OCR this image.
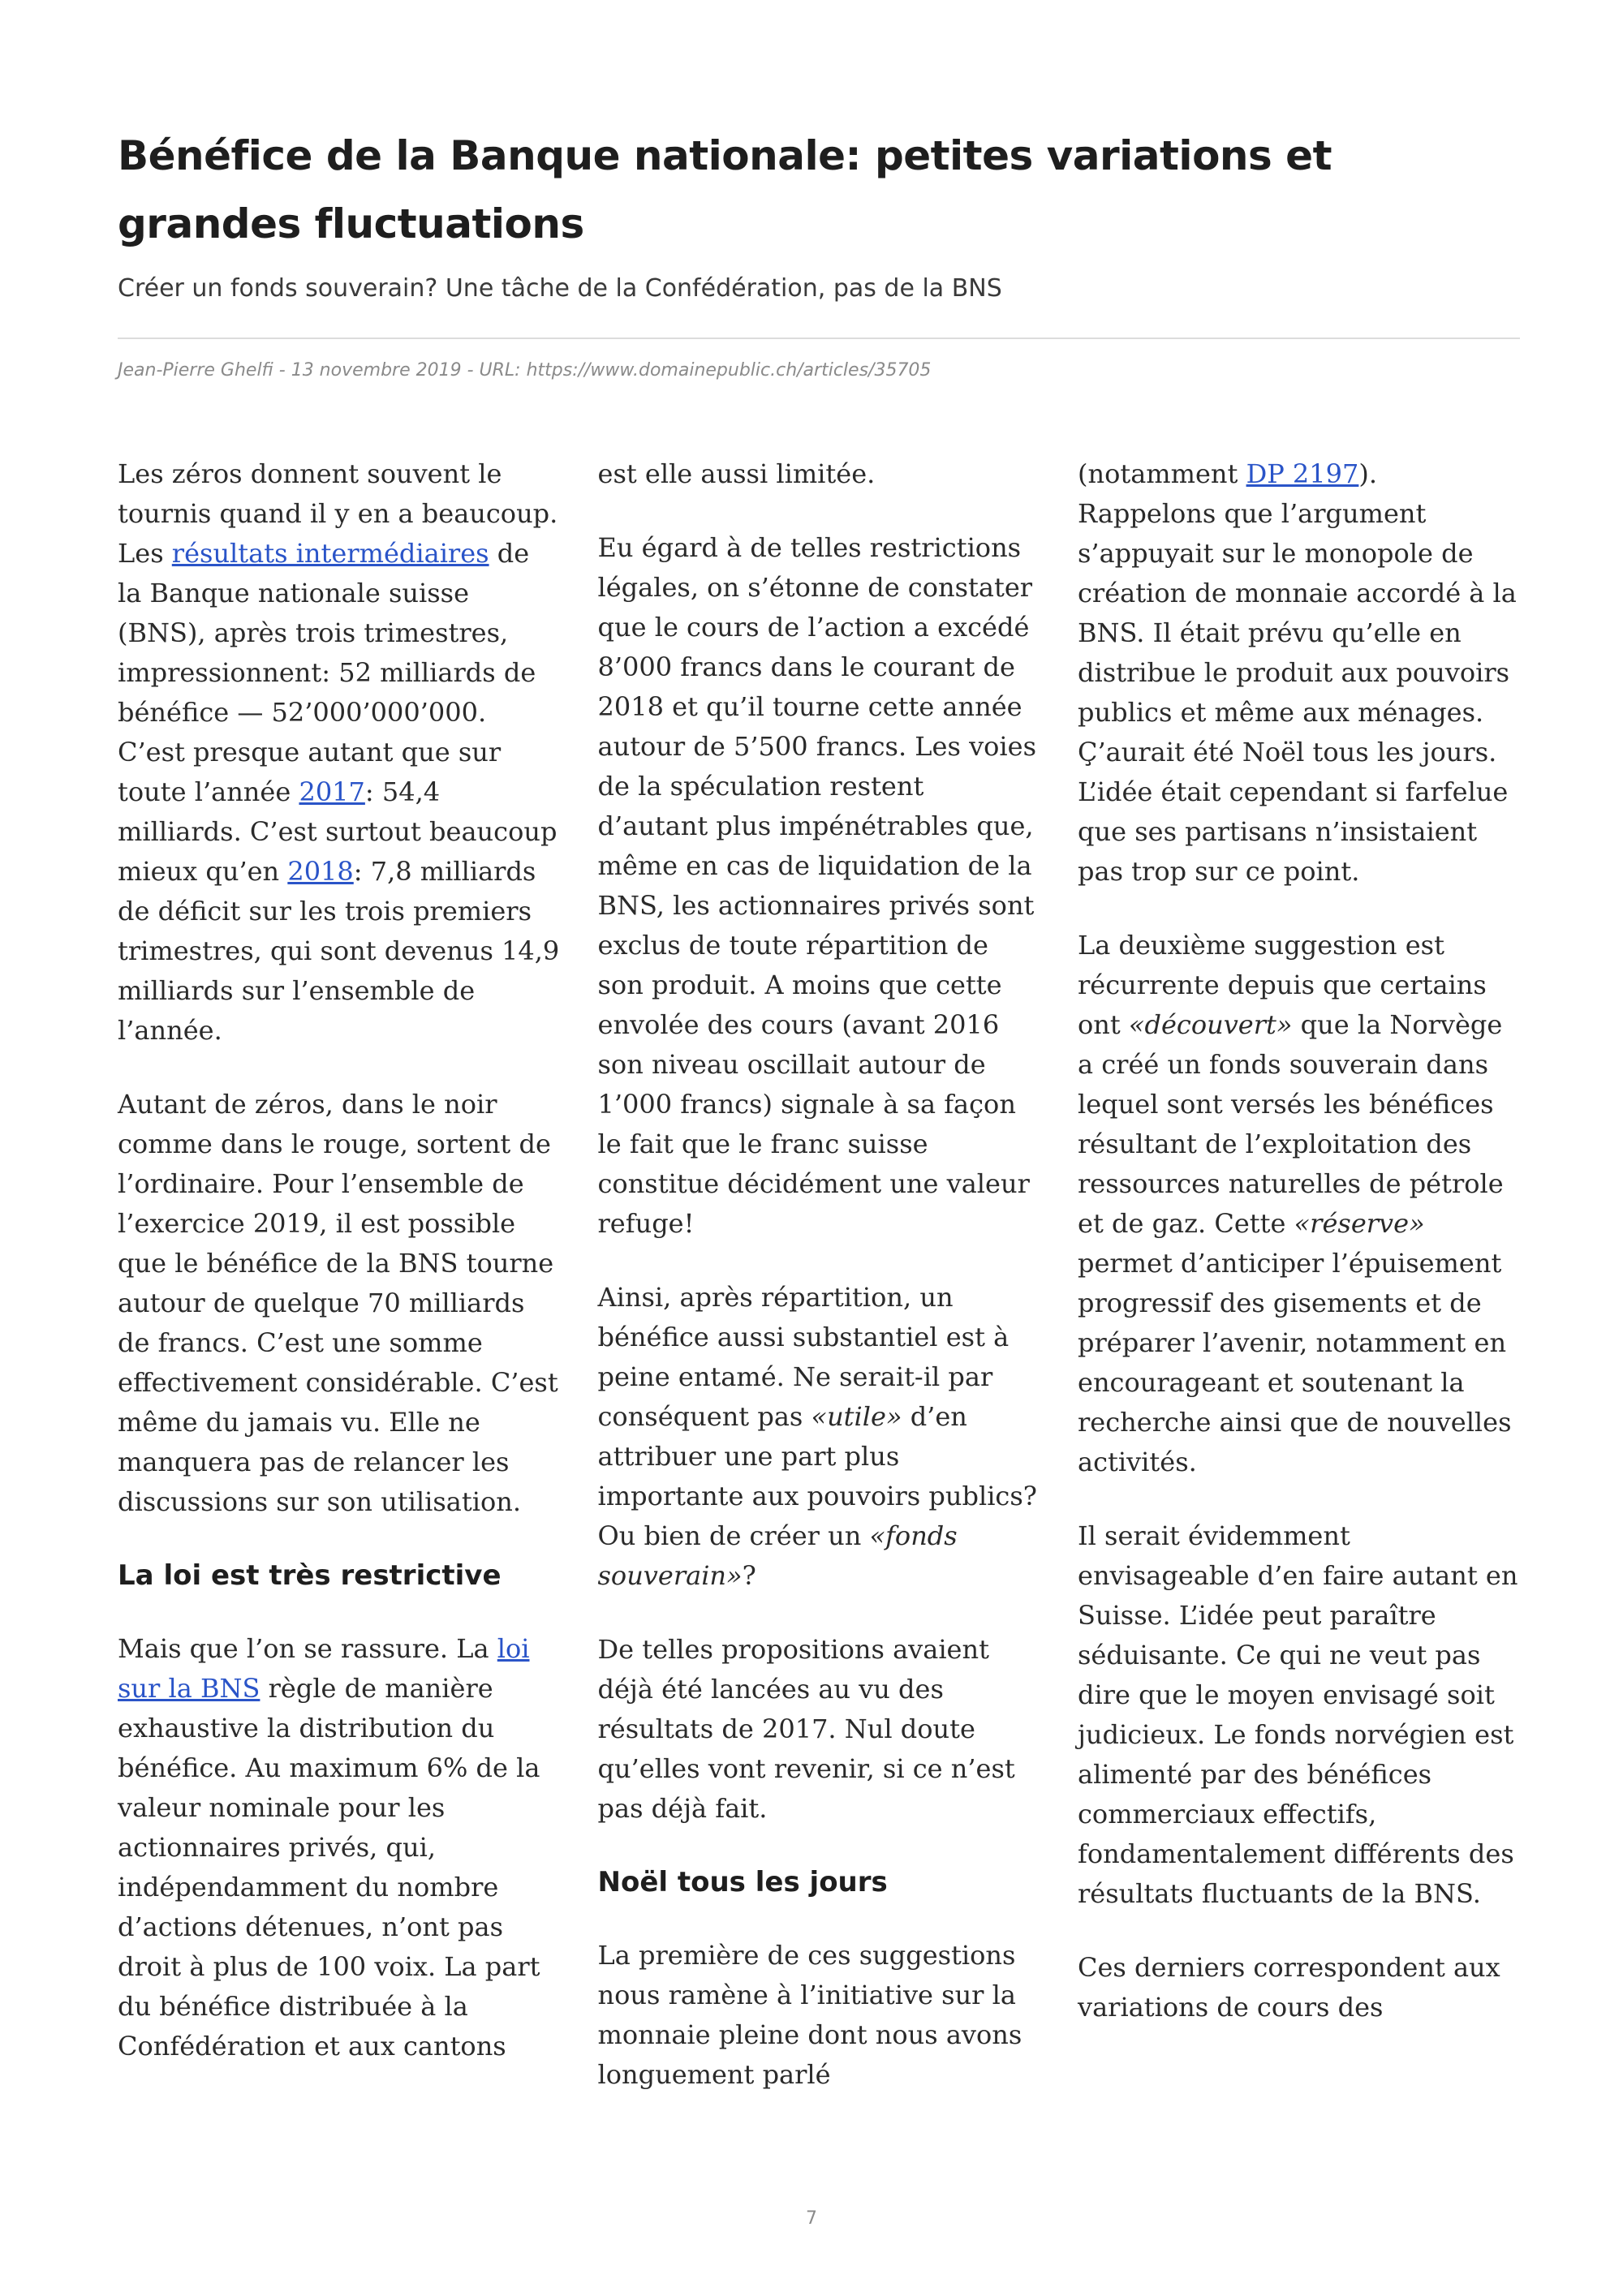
Bénéfice de la Banque nationale: petites variations et grandes fluctuations
Créer un fonds souverain? Une tâche de la Confédération, pas de la BNS
Jean-Pierre Ghelfi - 13 novembre 2019 - URL: https://www.domainepublic.ch/articles/35705

Les zéros donnent souvent le tournis quand il y en a beaucoup. Les résultats intermédiaires de la Banque nationale suisse (BNS), après trois trimestres, impressionnent: 52 milliards de bénéfice — 52’000’000’000. C’est presque autant que sur toute l’année 2017: 54,4 milliards. C’est surtout beaucoup mieux qu’en 2018: 7,8 milliards de déficit sur les trois premiers trimestres, qui sont devenus 14,9 milliards sur l’ensemble de l’année.

Autant de zéros, dans le noir comme dans le rouge, sortent de l’ordinaire. Pour l’ensemble de l’exercice 2019, il est possible que le bénéfice de la BNS tourne autour de quelque 70 milliards de francs. C’est une somme effectivement considérable. C’est même du jamais vu. Elle ne manquera pas de relancer les discussions sur son utilisation.

La loi est très restrictive

Mais que l’on se rassure. La loi sur la BNS règle de manière exhaustive la distribution du bénéfice. Au maximum 6% de la valeur nominale pour les actionnaires privés, qui, indépendamment du nombre d’actions détenues, n’ont pas droit à plus de 100 voix. La part du bénéfice distribuée à la Confédération et aux cantons

est elle aussi limitée.

Eu égard à de telles restrictions légales, on s’étonne de constater que le cours de l’action a excédé 8’000 francs dans le courant de 2018 et qu’il tourne cette année autour de 5’500 francs. Les voies de la spéculation restent d’autant plus impénétrables que, même en cas de liquidation de la BNS, les actionnaires privés sont exclus de toute répartition de son produit. A moins que cette envolée des cours (avant 2016 son niveau oscillait autour de 1’000 francs) signale à sa façon le fait que le franc suisse constitue décidément une valeur refuge!

Ainsi, après répartition, un bénéfice aussi substantiel est à peine entamé. Ne serait-il par conséquent pas «utile» d’en attribuer une part plus importante aux pouvoirs publics? Ou bien de créer un «fonds souverain»?

De telles propositions avaient déjà été lancées au vu des résultats de 2017. Nul doute qu’elles vont revenir, si ce n’est pas déjà fait.

Noël tous les jours

La première de ces suggestions nous ramène à l’initiative sur la monnaie pleine dont nous avons longuement parlé

(notamment DP 2197). Rappelons que l’argument s’appuyait sur le monopole de création de monnaie accordé à la BNS. Il était prévu qu’elle en distribue le produit aux pouvoirs publics et même aux ménages. Ç’aurait été Noël tous les jours. L’idée était cependant si farfelue que ses partisans n’insistaient pas trop sur ce point.

La deuxième suggestion est récurrente depuis que certains ont «découvert» que la Norvège a créé un fonds souverain dans lequel sont versés les bénéfices résultant de l’exploitation des ressources naturelles de pétrole et de gaz. Cette «réserve» permet d’anticiper l’épuisement progressif des gisements et de préparer l’avenir, notamment en encourageant et soutenant la recherche ainsi que de nouvelles activités.

Il serait évidemment envisageable d’en faire autant en Suisse. L’idée peut paraître séduisante. Ce qui ne veut pas dire que le moyen envisagé soit judicieux. Le fonds norvégien est alimenté par des bénéfices commerciaux effectifs, fondamentalement différents des résultats fluctuants de la BNS.

Ces derniers correspondent aux variations de cours des

7
